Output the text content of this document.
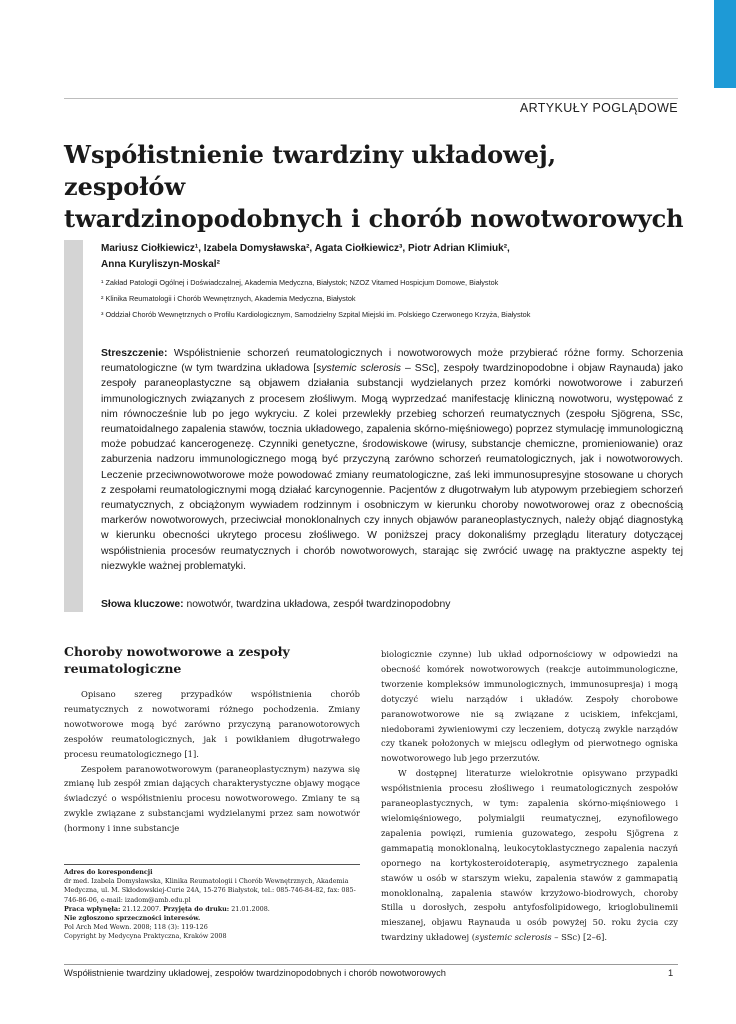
ARTYKUŁY POGLĄDOWE
Współistnienie twardziny układowej, zespołów
twardzinopodobnych i chorób nowotworowych
Mariusz Ciołkiewicz¹, Izabela Domysławska², Agata Ciołkiewicz³, Piotr Adrian Klimiuk²,
Anna Kuryliszyn-Moskal²
¹ Zakład Patologii Ogólnej i Doświadczalnej, Akademia Medyczna, Białystok; NZOZ Vitamed Hospicjum Domowe, Białystok
² Klinika Reumatologii i Chorób Wewnętrznych, Akademia Medyczna, Białystok
³ Oddział Chorób Wewnętrznych o Profilu Kardiologicznym, Samodzielny Szpital Miejski im. Polskiego Czerwonego Krzyża, Białystok
Streszczenie: Współistnienie schorzeń reumatologicznych i nowotworowych może przybierać różne formy. Schorzenia reumatologiczne (w tym twardzina układowa [systemic sclerosis – SSc], zespoły twardzinopodobne i objaw Raynauda) jako zespoły paraneoplastyczne są objawem działania substancji wydzielanych przez komórki nowotworowe i zaburzeń immunologicznych związanych z procesem złośliwym. Mogą wyprzedzać manifestację kliniczną nowotworu, występować z nim równocześnie lub po jego wykryciu. Z kolei przewlekły przebieg schorzeń reumatycznych (zespołu Sjögrena, SSc, reumatoidalnego zapalenia stawów, tocznia układowego, zapalenia skórno-mięśniowego) poprzez stymulację immunologiczną może pobudzać kancerogenezę. Czynniki genetyczne, środowiskowe (wirusy, substancje chemiczne, promieniowanie) oraz zaburzenia nadzoru immunologicznego mogą być przyczyną zarówno schorzeń reumatologicznych, jak i nowotworowych. Leczenie przeciwnowotworowe może powodować zmiany reumatologiczne, zaś leki immunosupresyjne stosowane u chorych z zespołami reumatologicznymi mogą działać karcynogennie. Pacjentów z długotrwałym lub atypowym przebiegiem schorzeń reumatycznych, z obciążonym wywiadem rodzinnym i osobniczym w kierunku choroby nowotworowej oraz z obecnością markerów nowotworowych, przeciwciał monoklonalnych czy innych objawów paraneoplastycznych, należy objąć diagnostyką w kierunku obecności ukrytego procesu złośliwego. W poniższej pracy dokonaliśmy przeglądu literatury dotyczącej współistnienia procesów reumatycznych i chorób nowotworowych, starając się zwrócić uwagę na praktyczne aspekty tej niezwykle ważnej problematyki.
Słowa kluczowe: nowotwór, twardzina układowa, zespół twardzinopodobny
Choroby nowotworowe a zespoły reumatologiczne

Opisano szereg przypadków współistnienia chorób reumatycznych z nowotworami różnego pochodzenia. Zmiany nowotworowe mogą być zarówno przyczyną paranowotorowych zespołów reumatologicznych, jak i powikłaniem długotrwałego procesu reumatologicznego [1].

Zespołem paranowotworowym (paraneoplastycznym) nazywa się zmianę lub zespół zmian dających charakterystyczne objawy mogące świadczyć o współistnieniu procesu nowotworowego. Zmiany te są zwykle związane z substancjami wydzielanymi przez sam nowotwór (hormony i inne substancje

biologicznie czynne) lub układ odpornościowy w odpowiedzi na obecność komórek nowotworowych (reakcje autoimmunologiczne, tworzenie kompleksów immunologicznych, immunosupresja) i mogą dotyczyć wielu narządów i układów. Zespoły chorobowe paranowotworowe nie są związane z uciskiem, infekcjami, niedoborami żywieniowymi czy leczeniem, dotyczą zwykle narządów czy tkanek położonych w miejscu odległym od pierwotnego ogniska nowotworowego lub jego przerzutów.

W dostępnej literaturze wielokrotnie opisywano przypadki współistnienia procesu złośliwego i reumatologicznych zespołów paraneoplastycznych, w tym: zapalenia skórno-mięśniowego i wielomięśniowego, polymialgii reumatycznej, ezynofilowego zapalenia powięzi, rumienia guzowatego, zespołu Sjögrena z gammapatią monoklonalną, leukocytoklastycznego zapalenia naczyń opornego na kortykosteroidoterapię, asymetrycznego zapalenia stawów u osób w starszym wieku, zapalenia stawów z gammapatią monoklonalną, zapalenia stawów krzyżowo-biodrowych, choroby Stilla u dorosłych, zespołu antyfosfolipidowego, krioglobulinemii mieszanej, objawu Raynauda u osób powyżej 50. roku życia czy twardziny układowej (systemic sclerosis – SSc) [2–6].

Adres do korespondencji
dr med. Izabela Domysławska, Klinika Reumatologii i Chorób Wewnętrznych, Akademia Medyczna, ul. M. Skłodowskiej-Curie 24A, 15-276 Białystok, tel.: 085-746-84-82, fax: 085-746-86-06, e-mail: izadom@amb.edu.pl
Praca wpłynęła: 21.12.2007. Przyjęta do druku: 21.01.2008.
Nie zgłoszono sprzeczności interesów.
Pol Arch Med Wewn. 2008; 118 (3): 119-126
Copyright by Medycyna Praktyczna, Kraków 2008
Współistnienie twardziny układowej, zespołów twardzinopodobnych i chorób nowotworowych	1
